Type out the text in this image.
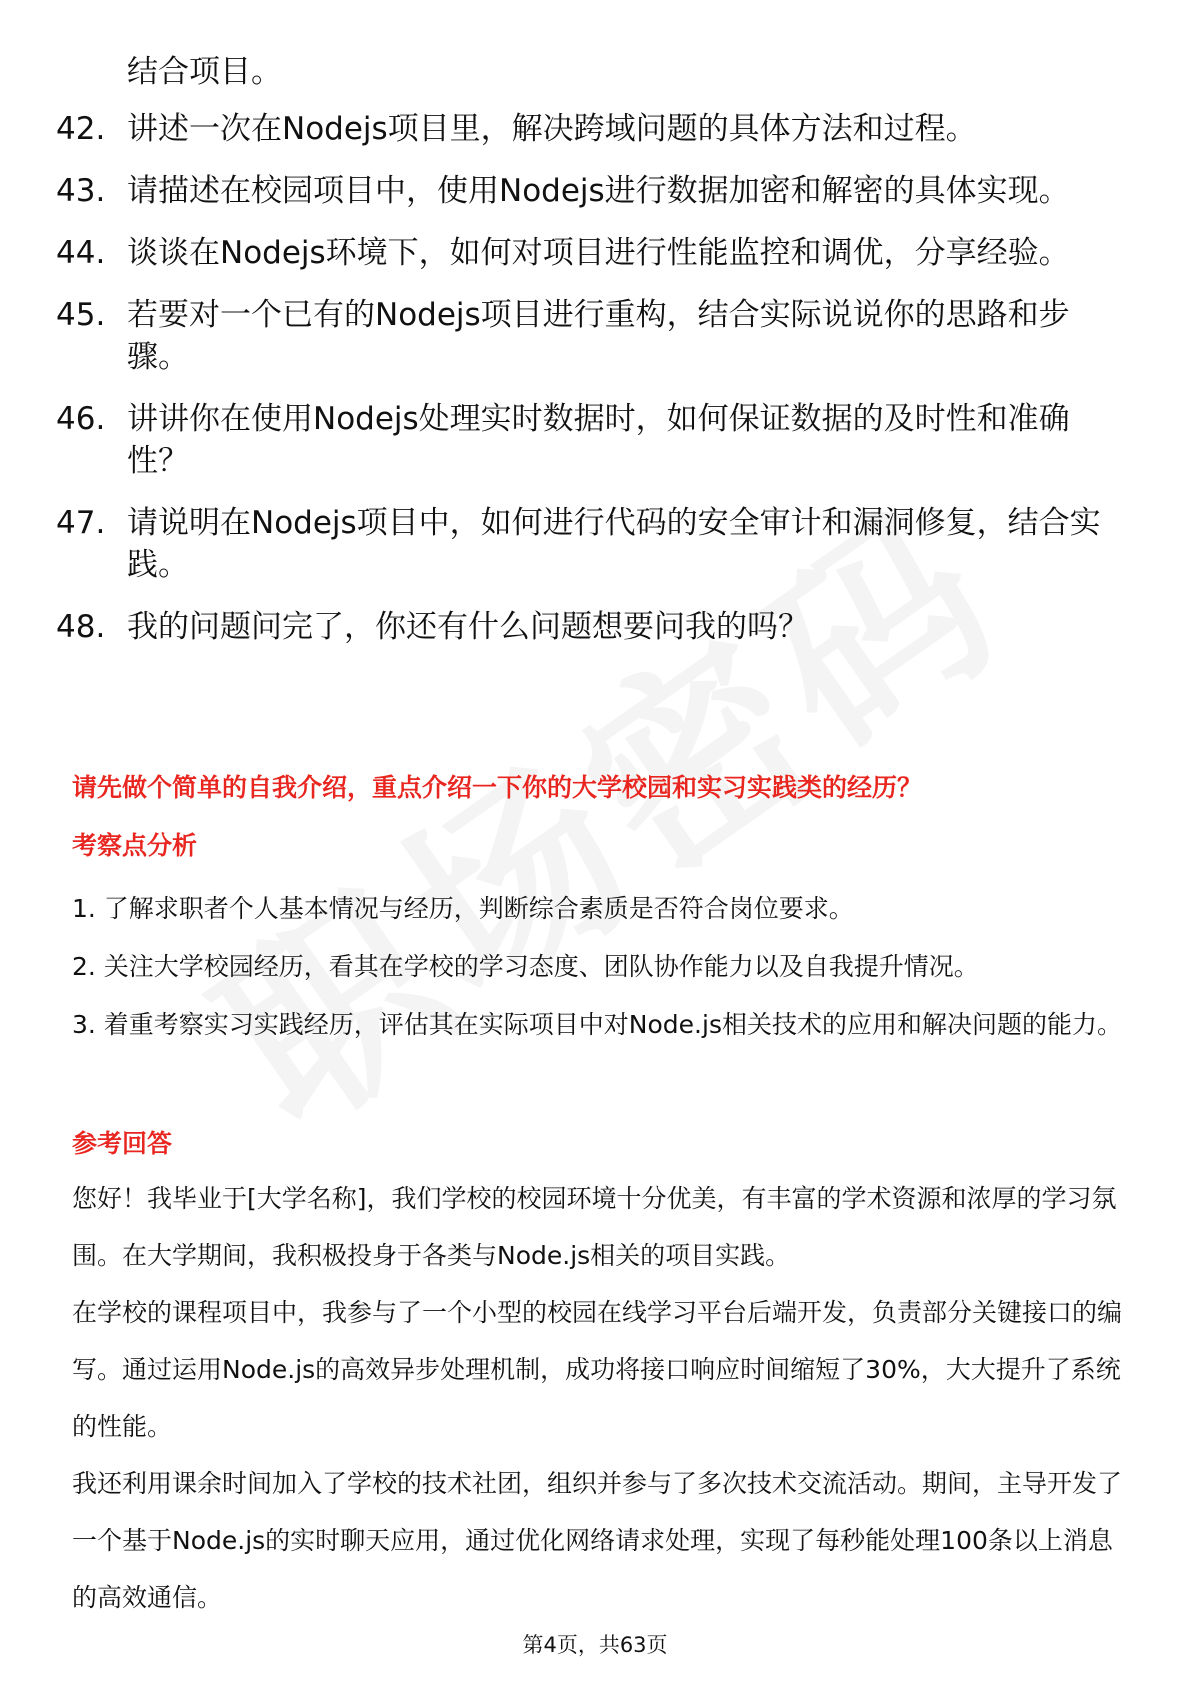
结合项目。
42. 讲述一次在Nodejs项目里，解决跨域问题的具体方法和过程。
43. 请描述在校园项目中，使用Nodejs进行数据加密和解密的具体实现。
44. 谈谈在Nodejs环境下，如何对项目进行性能监控和调优，分享经验。
45. 若要对一个已有的Nodejs项目进行重构，结合实际说说你的思路和步骤。
46. 讲讲你在使用Nodejs处理实时数据时，如何保证数据的及时性和准确性？
47. 请说明在Nodejs项目中，如何进行代码的安全审计和漏洞修复，结合实践。
48. 我的问题问完了，你还有什么问题想要问我的吗？
请先做个简单的自我介绍，重点介绍一下你的大学校园和实习实践类的经历？
考察点分析

1. 了解求职者个人基本情况与经历，判断综合素质是否符合岗位要求。

2. 关注大学校园经历，看其在学校的学习态度、团队协作能力以及自我提升情况。

3. 着重考察实习实践经历，评估其在实际项目中对Node.js相关技术的应用和解决问题的能力。

参考回答

您好！我毕业于[大学名称]，我们学校的校园环境十分优美，有丰富的学术资源和浓厚的学习氛围。在大学期间，我积极投身于各类与Node.js相关的项目实践。

在学校的课程项目中，我参与了一个小型的校园在线学习平台后端开发，负责部分关键接口的编写。通过运用Node.js的高效异步处理机制，成功将接口响应时间缩短了30%，大大提升了系统的性能。

我还利用课余时间加入了学校的技术社团，组织并参与了多次技术交流活动。期间，主导开发了一个基于Node.js的实时聊天应用，通过优化网络请求处理，实现了每秒能处理100条以上消息的高效通信。

第4页，共63页
